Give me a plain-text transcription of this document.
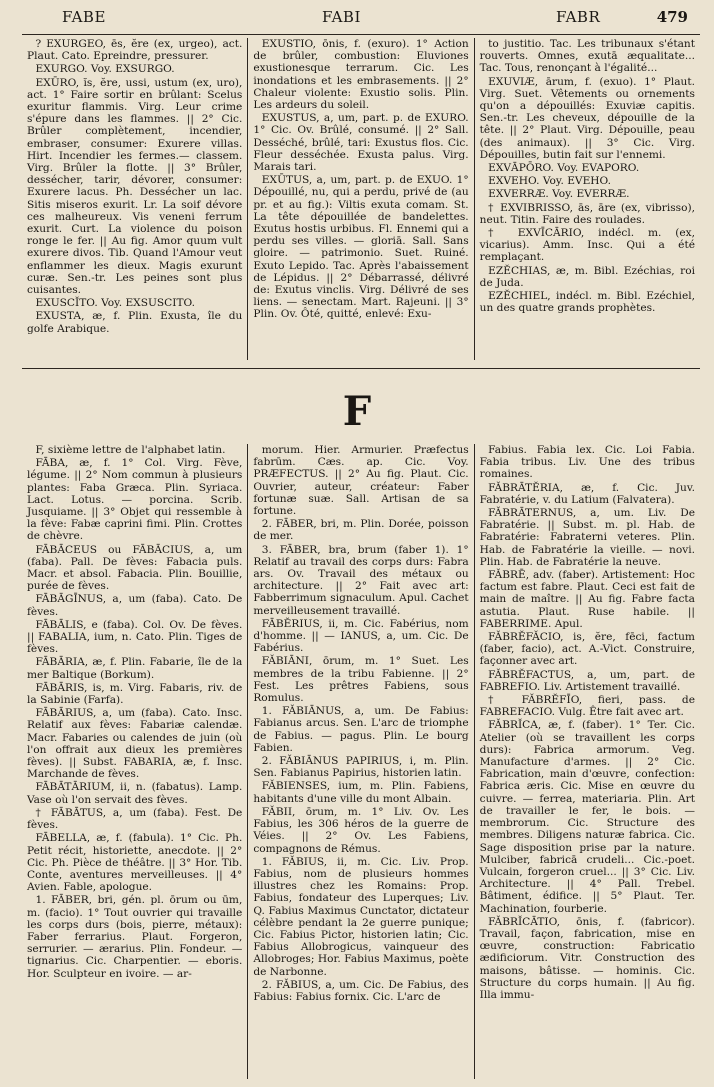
FABE	FABI	FABR	479

? EXURGEO, ēs, ĕre (ex, urgeo), act. Plaut. Cato. Epreindre, pressurer.

EXURGO. Voy. EXSURGO.

EXŪRO, ĭs, ĕre, ussi, ustum (ex, uro), act. 1° Faire sortir en brûlant: Scelus exuritur flammis. Virg. Leur crime s'épure dans les flammes. || 2° Cic. Brûler complètement, incendier, embraser, consumer: Exurere villas. Hirt. Incendier les fermes.— classem. Virg. Brûler la flotte. || 3° Brûler, dessécher, tarir, dévorer, consumer: Exurere lacus. Ph. Dessécher un lac. Sitis miseros exurit. Lr. La soif dévore ces malheureux. Vis veneni ferrum exurit. Curt. La violence du poison ronge le fer. || Au fig. Amor quum vult exurere divos. Tib. Quand l'Amour veut enflammer les dieux. Magis exurunt curæ. Sen.-tr. Les peines sont plus cuisantes.

EXUSCĬTO. Voy. EXSUSCITO.

EXUSTA, æ, f. Plin. Exusta, île du golfe Arabique.

EXUSTIO, ōnis, f. (exuro). 1° Action de brûler, combustion: Eluviones exustionesque terrarum. Cic. Les inondations et les embrasements. || 2° Chaleur violente: Exustio solis. Plin. Les ardeurs du soleil.

EXUSTUS, a, um, part. p. de EXURO. 1° Cic. Ov. Brûlé, consumé. || 2° Sall. Desséché, brûlé, tari: Exustus flos. Cic. Fleur desséchée. Exusta palus. Virg. Marais tari.

EXŪTUS, a, um, part. p. de EXUO. 1° Dépouillé, nu, qui a perdu, privé de (au pr. et au fig.): Viltis exuta comam. St. La tête dépouillée de bandelettes. Exutus hostis urbibus. Fl. Ennemi qui a perdu ses villes. — gloriā. Sall. Sans gloire. — patrimonio. Suet. Ruiné. Exuto Lepido. Tac. Après l'abaissement de Lépidus. || 2° Débarrassé, délivré de: Exutus vinclis. Virg. Délivré de ses liens. — senectam. Mart. Rajeuni. || 3° Plin. Ov. Ôté, quitté, enlevé: Exu-

to justitio. Tac. Les tribunaux s'étant rouverts. Omnes, exutā æqualitate... Tac. Tous, renonçant à l'égalité...

EXUVIÆ, ārum, f. (exuo). 1° Plaut. Virg. Suet. Vêtements ou ornements qu'on a dépouillés: Exuviæ capitis. Sen.-tr. Les cheveux, dépouille de la tête. || 2° Plaut. Virg. Dépouille, peau (des animaux). || 3° Cic. Virg. Dépouilles, butin fait sur l'ennemi.

EXVĀPŌRO. Voy. EVAPORO.

EXVEHO. Voy. EVEHO.

EXVERRÆ. Voy. EVERRÆ.

† EXVIBRISSO, ās, āre (ex, vibrisso), neut. Titin. Faire des roulades.

† EXVĪCĀRIO, indécl. m. (ex, vicarius). Amm. Insc. Qui a été remplaçant.

EZĔCHIAS, æ, m. Bibl. Ezéchias, roi de Juda.

EZĔCHIEL, indécl. m. Bibl. Ezéchiel, un des quatre grands prophètes.

F

F, sixième lettre de l'alphabet latin.

FĀBA, æ, f. 1° Col. Virg. Fève, légume. || 2° Nom commun à plusieurs plantes: Faba Græca. Plin. Syriaca. Lact. Lotus. — porcina. Scrib. Jusquiame. || 3° Objet qui ressemble à la fève: Fabæ caprini fimi. Plin. Crottes de chèvre.

FĀBĀCEUS ou FĀBĀCIUS, a, um (faba). Pall. De fèves: Fabacia puls. Macr. et absol. Fabacia. Plin. Bouillie, purée de fèves.

FĀBĀGĪNUS, a, um (faba). Cato. De fèves.

FĀBĀLIS, e (faba). Col. Ov. De fèves. || FABALIA, ium, n. Cato. Plin. Tiges de fèves.

FĀBĀRIA, æ, f. Plin. Fabarie, île de la mer Baltique (Borkum).

FĀBĀRIS, is, m. Virg. Fabaris, riv. de la Sabinie (Farfa).

FĀBĀRIUS, a, um (faba). Cato. Insc. Relatif aux fèves: Fabariæ calendæ. Macr. Fabaries ou calendes de juin (où l'on offrait aux dieux les premières fèves). || Subst. FABARIA, æ, f. Insc. Marchande de fèves.

FĀBĀTĀRIUM, ii, n. (fabatus). Lamp. Vase où l'on servait des fèves.

† FĀBĀTUS, a, um (faba). Fest. De fèves.

FĀBELLA, æ, f. (fabula). 1° Cic. Ph. Petit récit, historiette, anecdote. || 2° Cic. Ph. Pièce de théâtre. || 3° Hor. Tib. Conte, aventures merveilleuses. || 4° Avien. Fable, apologue.

1. FĀBER, bri, gén. pl. ōrum ou ūm, m. (facio). 1° Tout ouvrier qui travaille les corps durs (bois, pierre, métaux): Faber ferrarius. Plaut. Forgeron, serrurier. — ærarius. Plin. Fondeur. — tignarius. Cic. Charpentier. — eboris. Hor. Sculpteur en ivoire. — ar-

morum. Hier. Armurier. Præfectus fabrūm. Cæs. ap. Cic. Voy. PRÆFECTUS. || 2° Au fig. Plaut. Cic. Ouvrier, auteur, créateur: Faber fortunæ suæ. Sall. Artisan de sa fortune.

2. FĀBER, bri, m. Plin. Dorée, poisson de mer.

3. FĀBER, bra, brum (faber 1). 1° Relatif au travail des corps durs: Fabra ars. Ov. Travail des métaux ou architecture. || 2° Fait avec art: Fabberrimum signaculum. Apul. Cachet merveilleusement travaillé.

FĀBĔRIUS, ii, m. Cic. Fabérius, nom d'homme. || — IANUS, a, um. Cic. De Fabérius.

FĂBIĀNI, ōrum, m. 1° Suet. Les membres de la tribu Fabienne. || 2° Fest. Les prêtres Fabiens, sous Romulus.

1. FĂBIĀNUS, a, um. De Fabius: Fabianus arcus. Sen. L'arc de triomphe de Fabius. — pagus. Plin. Le bourg Fabien.

2. FĂBIĀNUS PAPIRIUS, i, m. Plin. Sen. Fabianus Papirius, historien latin.

FĂBIENSES, ium, m. Plin. Fabiens, habitants d'une ville du mont Albain.

FĂBII, ōrum, m. 1° Liv. Ov. Les Fabius, les 306 héros de la guerre de Véies. || 2° Ov. Les Fabiens, compagnons de Rémus.

1. FĂBIUS, ii, m. Cic. Liv. Prop. Fabius, nom de plusieurs hommes illustres chez les Romains: Prop. Fabius, fondateur des Luperques; Liv. Q. Fabius Maximus Cunctator, dictateur célèbre pendant la 2e guerre punique; Cic. Fabius Pictor, historien latin; Cic. Fabius Allobrogicus, vainqueur des Allobroges; Hor. Fabius Maximus, poète de Narbonne.

2. FĂBIUS, a, um. Cic. De Fabius, des Fabius: Fabius fornix. Cic. L'arc de

Fabius. Fabia lex. Cic. Loi Fabia. Fabia tribus. Liv. Une des tribus romaines.

FĂBRĀTĔRIA, æ, f. Cic. Juv. Fabratérie, v. du Latium (Falvatera).

FĂBRĀTERNUS, a, um. Liv. De Fabratérie. || Subst. m. pl. Hab. de Fabratérie: Fabraterni veteres. Plin. Hab. de Fabratérie la vieille. — novi. Plin. Hab. de Fabratérie la neuve.

FĂBRĒ, adv. (faber). Artistement: Hoc factum est fabre. Plaut. Ceci est fait de main de maître. || Au fig. Fabre facta astutia. Plaut. Ruse habile. || FABERRIME. Apul.

FĂBRĔFĂCIO, is, ĕre, fēci, factum (faber, facio), act. A.-Vict. Construire, façonner avec art.

FĂBRĔFACTUS, a, um, part. de FABREFIO. Liv. Artistement travaillé.

† FĂBRĔFĪO, fieri, pass. de FABREFACIO. Vulg. Être fait avec art.

FĂBRĬCA, æ, f. (faber). 1° Ter. Cic. Atelier (où se travaillent les corps durs): Fabrica armorum. Veg. Manufacture d'armes. || 2° Cic. Fabrication, main d'œuvre, confection: Fabrica æris. Cic. Mise en œuvre du cuivre. — ferrea, materiaria. Plin. Art de travailler le fer, le bois. — membrorum. Cic. Structure des membres. Diligens naturæ fabrica. Cic. Sage disposition prise par la nature. Mulciber, fabricā crudeli... Cic.-poet. Vulcain, forgeron cruel... || 3° Cic. Liv. Architecture. || 4° Pall. Trebel. Bâtiment, édifice. || 5° Plaut. Ter. Machination, fourberie.

FĂBRĬCĀTIO, ōnis, f. (fabricor). Travail, façon, fabrication, mise en œuvre, construction: Fabricatio ædificiorum. Vitr. Construction des maisons, bâtisse. — hominis. Cic. Structure du corps humain. || Au fig. Illa immu-
